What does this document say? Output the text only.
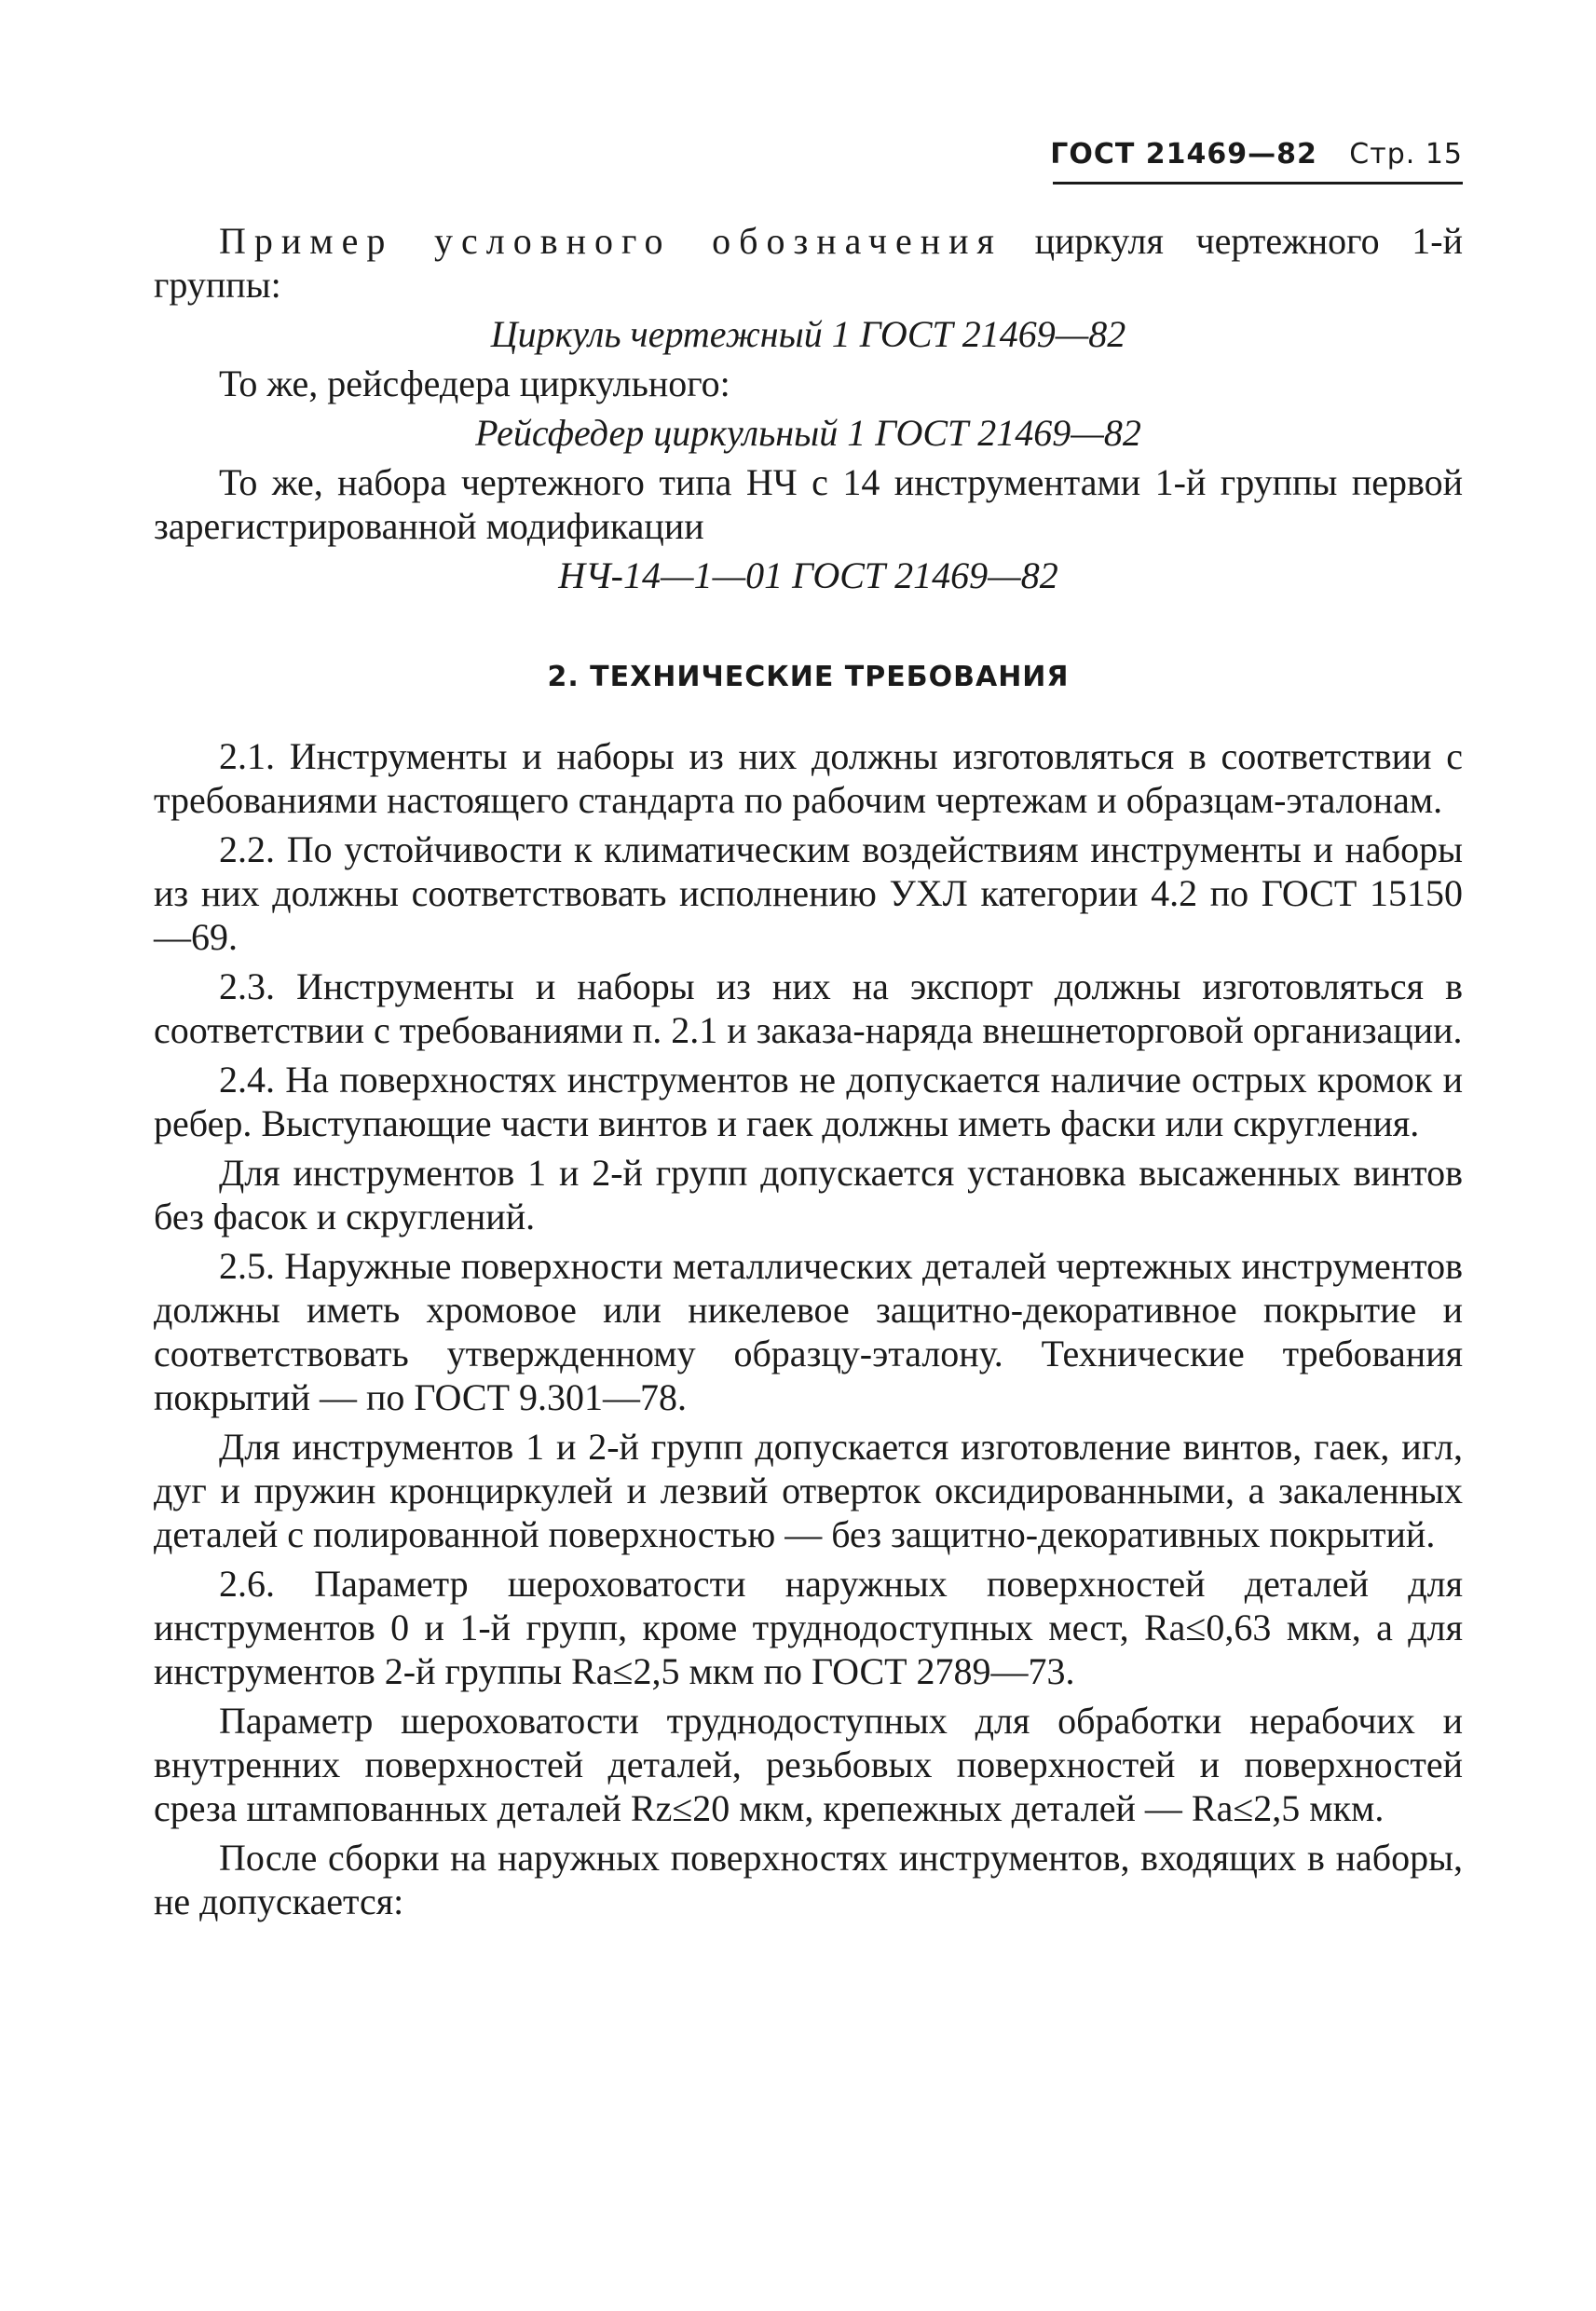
ГОСТ 21469—82 Стр. 15

Пример условного обозначения циркуля чертежного 1-й группы:

Циркуль чертежный 1 ГОСТ 21469—82

То же, рейсфедера циркульного:

Рейсфедер циркульный 1 ГОСТ 21469—82

То же, набора чертежного типа НЧ с 14 инструментами 1-й группы первой зарегистрированной модификации

НЧ-14—1—01 ГОСТ 21469—82

2. ТЕХНИЧЕСКИЕ ТРЕБОВАНИЯ

2.1. Инструменты и наборы из них должны изготовляться в соответствии с требованиями настоящего стандарта по рабочим чертежам и образцам-эталонам.

2.2. По устойчивости к климатическим воздействиям инструменты и наборы из них должны соответствовать исполнению УХЛ категории 4.2 по ГОСТ 15150—69.

2.3. Инструменты и наборы из них на экспорт должны изготовляться в соответствии с требованиями п. 2.1 и заказа-наряда внешнеторговой организации.

2.4. На поверхностях инструментов не допускается наличие острых кромок и ребер. Выступающие части винтов и гаек должны иметь фаски или скругления.

Для инструментов 1 и 2-й групп допускается установка высаженных винтов без фасок и скруглений.

2.5. Наружные поверхности металлических деталей чертежных инструментов должны иметь хромовое или никелевое защитно-декоративное покрытие и соответствовать утвержденному образцу-эталону. Технические требования покрытий — по ГОСТ 9.301—78.

Для инструментов 1 и 2-й групп допускается изготовление винтов, гаек, игл, дуг и пружин кронциркулей и лезвий отверток оксидированными, а закаленных деталей с полированной поверхностью — без защитно-декоративных покрытий.

2.6. Параметр шероховатости наружных поверхностей деталей для инструментов 0 и 1-й групп, кроме труднодоступных мест, Ra≤0,63 мкм, а для инструментов 2-й группы Ra≤2,5 мкм по ГОСТ 2789—73.

Параметр шероховатости труднодоступных для обработки нерабочих и внутренних поверхностей деталей, резьбовых поверхностей и поверхностей среза штампованных деталей Rz≤20 мкм, крепежных деталей — Ra≤2,5 мкм.

После сборки на наружных поверхностях инструментов, входящих в наборы, не допускается:
